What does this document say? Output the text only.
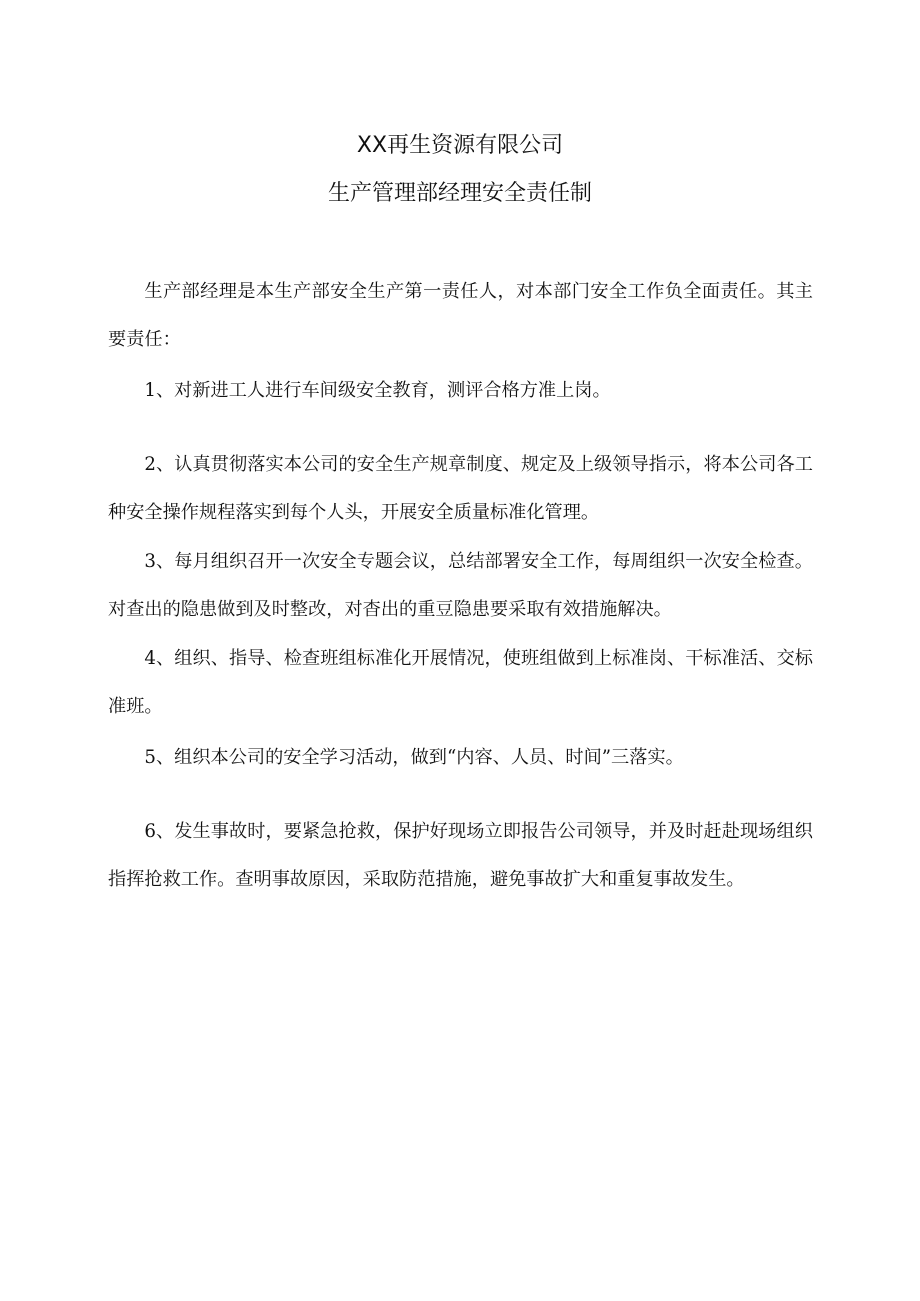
XX再生资源有限公司
生产管理部经理安全责任制

生产部经理是本生产部安全生产第一责任人，对本部门安全工作负全面责任。其主要责任：

1、对新进工人进行车间级安全教育，测评合格方准上岗。

2、认真贯彻落实本公司的安全生产规章制度、规定及上级领导指示，将本公司各工种安全操作规程落实到每个人头，开展安全质量标准化管理。

3、每月组织召开一次安全专题会议，总结部署安全工作，每周组织一次安全检查。对查出的隐患做到及时整改，对杳出的重豆隐患要采取有效措施解决。

4、组织、指导、检查班组标准化开展情况，使班组做到上标准岗、干标准活、交标准班。

5、组织本公司的安全学习活动，做到“内容、人员、时间”三落实。

6、发生事故时，要紧急抢救，保护好现场立即报告公司领导，并及时赶赴现场组织指挥抢救工作。查明事故原因，采取防范措施，避免事故扩大和重复事故发生。
